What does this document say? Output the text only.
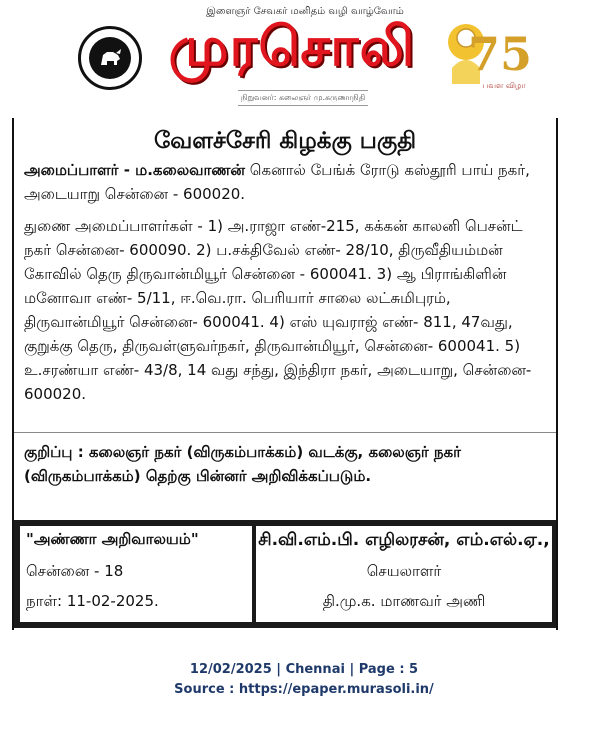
இளைஞர் சேவகர் மனிதம் வழி வாழ்வோம்
முரசொலி
நிறுவனர்: கலைஞர் மு.கருணாநிதி
75
பவள விழா
வேளச்சேரி கிழக்கு பகுதி

அமைப்பாளர் - ம.கலைவாணன் கெனால் பேங்க் ரோடு கஸ்தூரி பாய் நகர், அடையாறு சென்னை - 600020.

துணை அமைப்பாளர்கள் - 1) அ.ராஜா எண்-215, கக்கன் காலனி பெசன்ட் நகர் சென்னை- 600090. 2) ப.சக்திவேல் எண்- 28/10, திருவீதியம்மன் கோவில் தெரு திருவான்மியூர் சென்னை - 600041. 3) ஆ பிராங்கிளின் மனோவா எண்- 5/11, ஈ.வெ.ரா. பெரியார் சாலை லட்சுமிபுரம், திருவான்மியூர் சென்னை- 600041. 4) எஸ் யுவராஜ் எண்- 811, 47வது, குறுக்கு தெரு, திருவள்ளுவர்நகர், திருவான்மியூர், சென்னை- 600041. 5) உ.சரண்யா எண்- 43/8, 14 வது சந்து, இந்திரா நகர், அடையாறு, சென்னை- 600020.

குறிப்பு : கலைஞர் நகர் (விருகம்பாக்கம்) வடக்கு, கலைஞர் நகர் (விருகம்பாக்கம்) தெற்கு பின்னர் அறிவிக்கப்படும்.

"அண்ணா அறிவாலயம்"
சென்னை - 18
நாள்: 11-02-2025.
சி.வி.எம்.பி. எழிலரசன், எம்.எல்.ஏ.,
செயலாளர்
தி.மு.க. மாணவர் அணி
12/02/2025 | Chennai | Page : 5
Source : https://epaper.murasoli.in/
